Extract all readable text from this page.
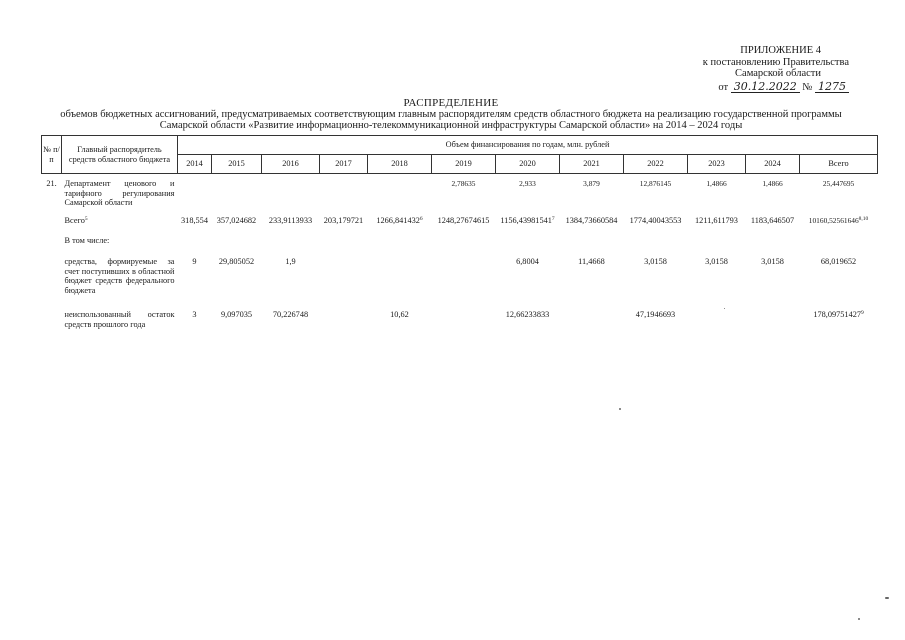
ПРИЛОЖЕНИЕ 4
к постановлению Правительства
Самарской области
от 30.12.2022 № 1275
РАСПРЕДЕЛЕНИЕ
объемов бюджетных ассигнований, предусматриваемых соответствующим главным распорядителям средств областного бюджета на реализацию государственной программы
Самарской области «Развитие информационно-телекоммуникационной инфраструктуры Самарской области» на 2014 – 2024 годы
№ п/п	Главный распорядитель средств областного бюджета	Объем финансирования по годам, млн. рублей											
		2014	2015	2016	2017	2018	2019	2020	2021	2022	2023	2024	Всего
21.	Департамент ценового и тарифного регулирования Самарской области						2,78635	2,933	3,879	12,876145	1,4866	1,4866	25,447695
	Всего$^5$	318,554	357,024682	233,9113933	203,179721	1266,841432$^6$	1248,27674615	1156,43981541$^7$	1384,73660584	1774,40043553	1211,611793	1183,646507	10160,52561646$^{8,10}$
	В том числе:												
	средства, формируемые за счет поступивших в областной бюджет средств федерального бюджета	9	29,805052	1,9				6,8004	11,4668	3,0158	3,0158	3,0158	68,019652
	неиспользованный остаток средств прошлого года	3	9,097035	70,226748		10,62		12,66233833		47,1946693			178,09751427$^9$
